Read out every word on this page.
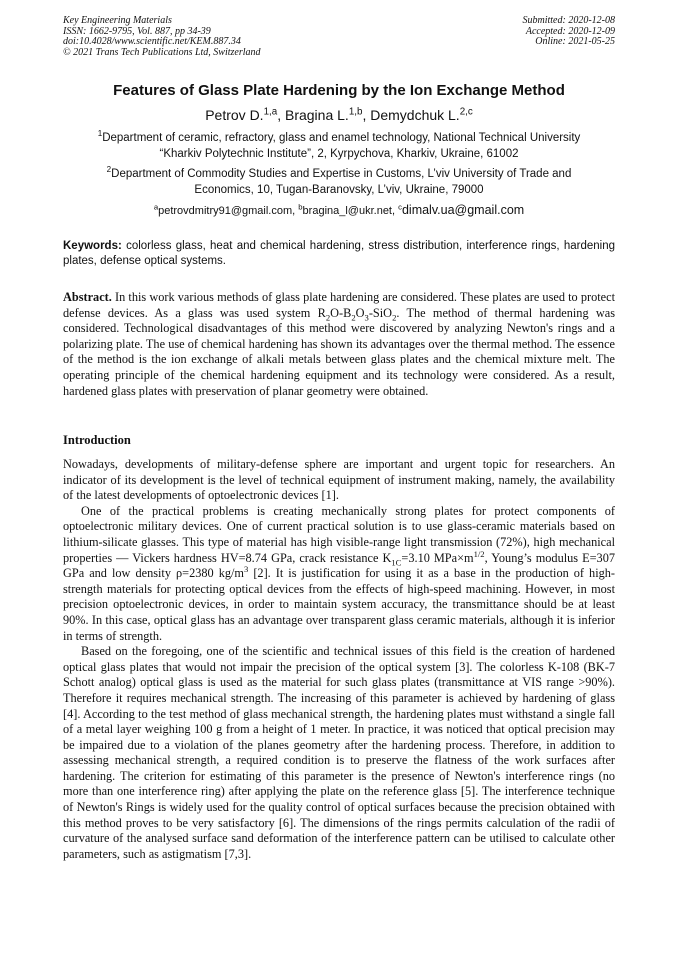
Key Engineering Materials
ISSN: 1662-9795, Vol. 887, pp 34-39
doi:10.4028/www.scientific.net/KEM.887.34
© 2021 Trans Tech Publications Ltd, Switzerland
Submitted: 2020-12-08
Accepted: 2020-12-09
Online: 2021-05-25
Features of Glass Plate Hardening by the Ion Exchange Method
Petrov D.$^{1,a}$, Bragina L.$^{1,b}$, Demydchuk L.$^{2,c}$
$^1$Department of ceramic, refractory, glass and enamel technology, National Technical University
“Kharkiv Polytechnic Institute”, 2, Kyrpychova, Kharkiv, Ukraine, 61002
$^2$Department of Commodity Studies and Expertise in Customs, L’viv University of Trade and
Economics, 10, Tugan-Baranovsky, L’viv, Ukraine, 79000
$^a$petrovdmitry91@gmail.com, $^b$bragina_l@ukr.net, $^c$dimalv.ua@gmail.com
Keywords: colorless glass, heat and chemical hardening, stress distribution, interference rings, hardening plates, defense optical systems.

Abstract. In this work various methods of glass plate hardening are considered. These plates are used to protect defense devices. As a glass was used system $R_2O-B_2O_3-SiO_2$. The method of thermal hardening was considered. Technological disadvantages of this method were discovered by analyzing Newton's rings and a polarizing plate. The use of chemical hardening has shown its advantages over the thermal method. The essence of the method is the ion exchange of alkali metals between glass plates and the chemical mixture melt. The operating principle of the chemical hardening equipment and its technology were considered. As a result, hardened glass plates with preservation of planar geometry were obtained.

Introduction

Nowadays, developments of military-defense sphere are important and urgent topic for researchers. An indicator of its development is the level of technical equipment of instrument making, namely, the availability of the latest developments of optoelectronic devices [1].

One of the practical problems is creating mechanically strong plates for protect components of optoelectronic military devices. One of current practical solution is to use glass-ceramic materials based on lithium-silicate glasses. This type of material has high visible-range light transmission (72%), high mechanical properties — Vickers hardness HV=8.74 GPa, crack resistance $K_{1C}=3.10$ $MPa\times m^{1/2}$, Young’s modulus E=307 GPa and low density ρ=2380 $kg/m^3$ [2]. It is justification for using it as a base in the production of high-strength materials for protecting optical devices from the effects of high-speed machining. However, in most precision optoelectronic devices, in order to maintain system accuracy, the transmittance should be at least 90%. In this case, optical glass has an advantage over transparent glass ceramic materials, although it is inferior in terms of strength.

Based on the foregoing, one of the scientific and technical issues of this field is the creation of hardened optical glass plates that would not impair the precision of the optical system [3]. The colorless K-108 (BK-7 Schott analog) optical glass is used as the material for such glass plates (transmittance at VIS range >90%). Therefore it requires mechanical strength. The increasing of this parameter is achieved by hardening of glass [4]. According to the test method of glass mechanical strength, the hardening plates must withstand a single fall of a metal layer weighing 100 g from a height of 1 meter. In practice, it was noticed that optical precision may be impaired due to a violation of the planes geometry after the hardening process. Therefore, in addition to assessing mechanical strength, a required condition is to preserve the flatness of the work surfaces after hardening. The criterion for estimating of this parameter is the presence of Newton's interference rings (no more than one interference ring) after applying the plate on the reference glass [5]. The interference technique of Newton's Rings is widely used for the quality control of optical surfaces because the precision obtained with this method proves to be very satisfactory [6]. The dimensions of the rings permits calculation of the radii of curvature of the analysed surface sand deformation of the interference pattern can be utilised to calculate other parameters, such as astigmatism [7,3].
